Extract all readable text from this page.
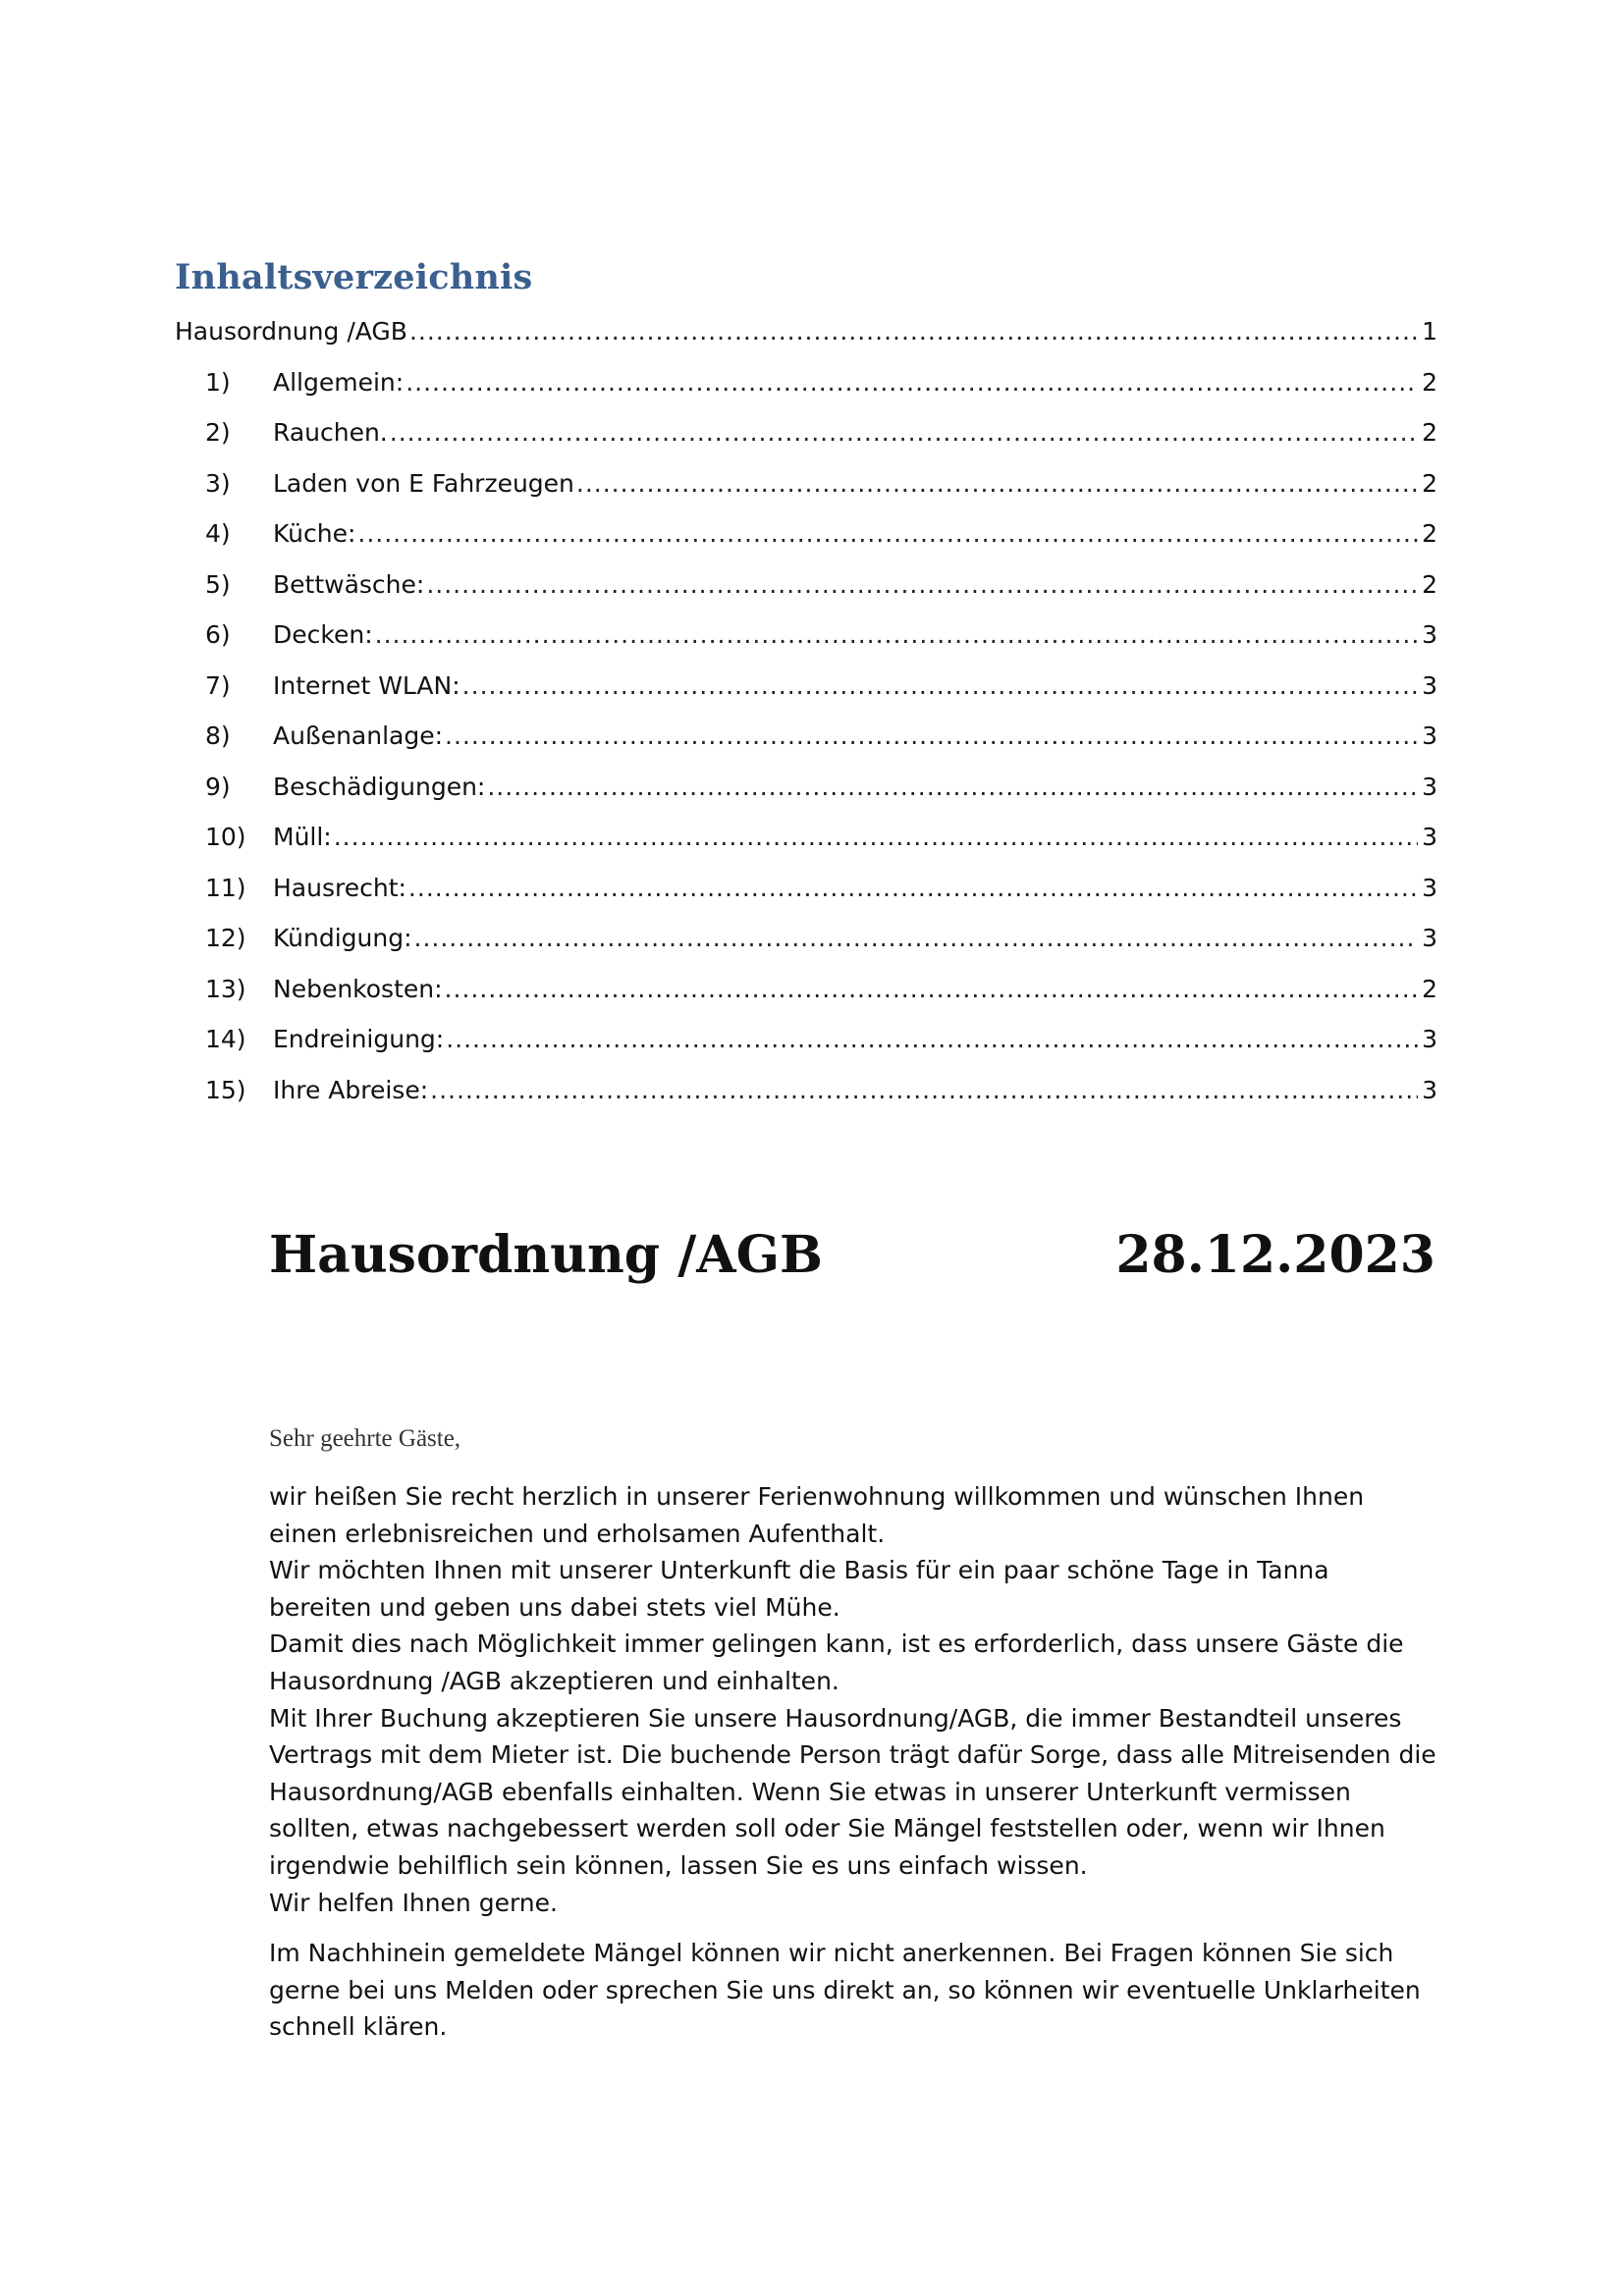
Inhaltsverzeichnis
Hausordnung /AGB .....	1
1)	Allgemein: .....	2
2)	Rauchen. .....	2
3)	Laden von E Fahrzeugen .....	2
4)	Küche: .....	2
5)	Bettwäsche: .....	2
6)	Decken: .....	3
7)	Internet WLAN: .....	3
8)	Außenanlage: .....	3
9)	Beschädigungen: .....	3
10)	Müll: .....	3
11)	Hausrecht: .....	3
12)	Kündigung: .....	3
13)	Nebenkosten: .....	2
14)	Endreinigung: .....	3
15)	Ihre Abreise: .....	3
Hausordnung /AGB	28.12.2023
Sehr geehrte Gäste,

wir heißen Sie recht herzlich in unserer Ferienwohnung willkommen und wünschen Ihnen

einen erlebnisreichen und erholsamen Aufenthalt.

Wir möchten Ihnen mit unserer Unterkunft die Basis für ein paar schöne Tage in Tanna

bereiten und geben uns dabei stets viel Mühe.

Damit dies nach Möglichkeit immer gelingen kann, ist es erforderlich, dass unsere Gäste die

Hausordnung /AGB akzeptieren und einhalten.

Mit Ihrer Buchung akzeptieren Sie unsere Hausordnung/AGB, die immer Bestandteil unseres

Vertrags mit dem Mieter ist. Die buchende Person trägt dafür Sorge, dass alle Mitreisenden die

Hausordnung/AGB ebenfalls einhalten. Wenn Sie etwas in unserer Unterkunft vermissen

sollten, etwas nachgebessert werden soll oder Sie Mängel feststellen oder, wenn wir Ihnen

irgendwie behilflich sein können, lassen Sie es uns einfach wissen.

Wir helfen Ihnen gerne.

Im Nachhinein gemeldete Mängel können wir nicht anerkennen. Bei Fragen können Sie sich

gerne bei uns Melden oder sprechen Sie uns direkt an, so können wir eventuelle Unklarheiten

schnell klären.
